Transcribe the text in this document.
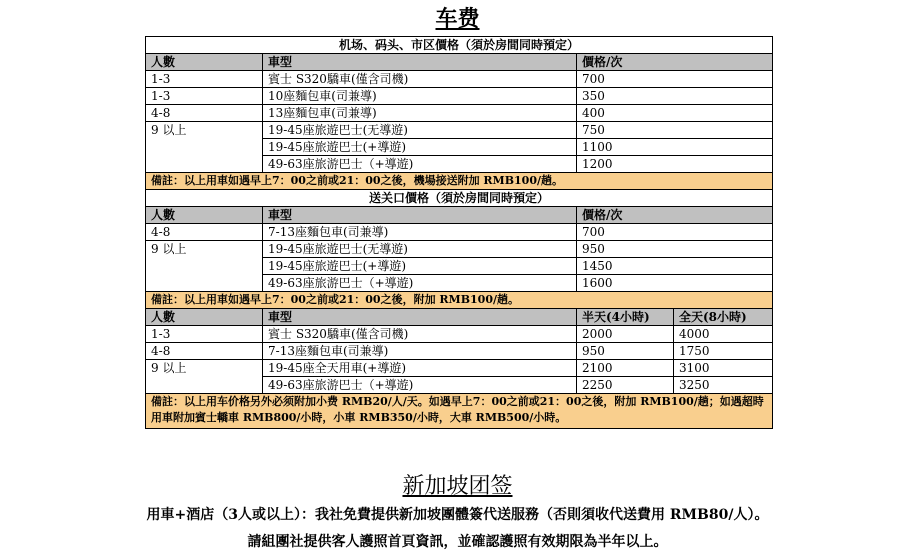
车费
机场、码头、市区價格（須於房間同時預定）			
人數	車型	價格/次	
1-3	賓士 S320驕車(僅含司機)	700	
1-3	10座麵包車(司兼導)	350	
4-8	13座麵包車(司兼導)	400	
9 以上	19-45座旅遊巴士(无導遊)	750	
	19-45座旅遊巴士(+導遊)	1100	
	49-63座旅游巴士（+導遊)	1200	
備註：以上用車如遇早上7：00之前或21：00之後，機場接送附加 RMB100/趟。			
送关口價格（須於房間同時預定）			
人數	車型	價格/次	
4-8	7-13座麵包車(司兼導)	700	
9 以上	19-45座旅遊巴士(无導遊)	950	
	19-45座旅遊巴士(+導遊)	1450	
	49-63座旅游巴士（+導遊)	1600	
備註：以上用車如遇早上7：00之前或21：00之後，附加 RMB100/趟。			
人數	車型	半天(4小時)	全天(8小時)
1-3	賓士 S320驕車(僅含司機)	2000	4000
4-8	7-13座麵包車(司兼導)	950	1750
9 以上	19-45座全天用車(+導遊)	2100	3100
	49-63座旅游巴士（+導遊)	2250	3250
備註：以上用车价格另外必须附加小费 RMB20/人/天。如遇早上7：00之前或21：00之後，附加 RMB100/趟；如遇超時用車附加賓士轎車 RMB800/小時，小車 RMB350/小時，大車 RMB500/小時。			
新加坡团签
用車+酒店（3人或以上）：我社免費提供新加坡團體簽代送服務（否則須收代送費用 RMB80/人）。
請組團社提供客人護照首頁資訊，並確認護照有效期限為半年以上。
